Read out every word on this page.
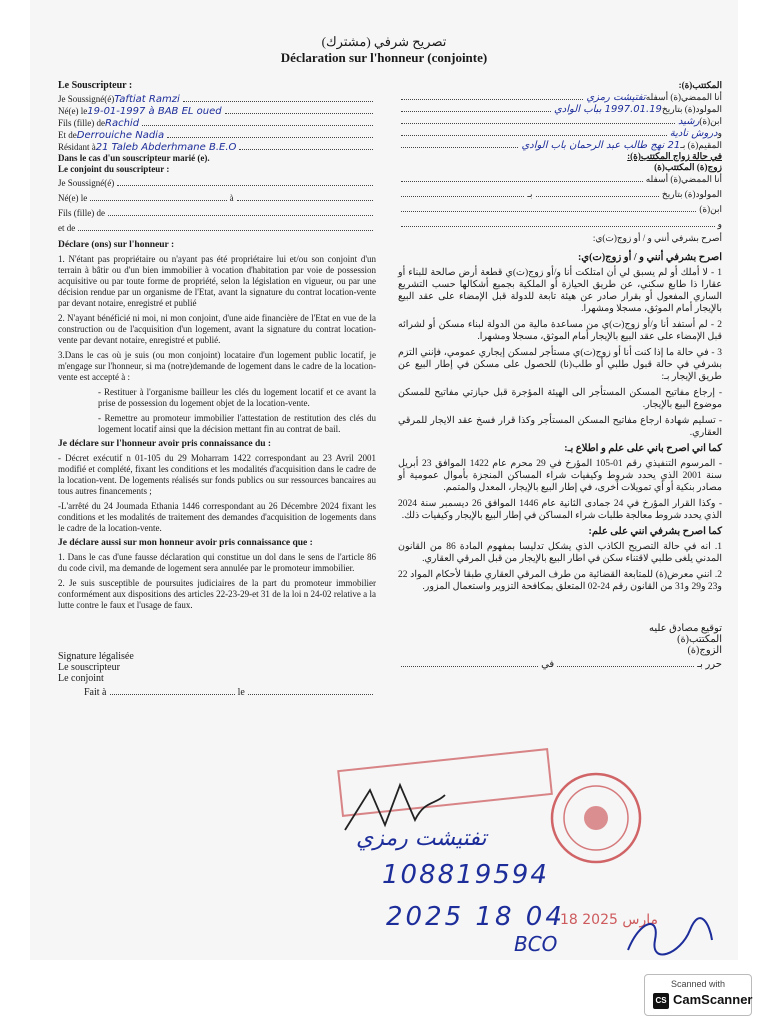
تصريح شرفي (مشترك)
Déclaration sur l'honneur (conjointe)
Le Souscripteur :
Je Soussigné(é) Taftiat Ramzi
Né(e) le 19-01-1997 à BAB EL oued
Fils (fille) de Rachid
Et de Derrouiche Nadia
Résidant à 21 Taleb Abderhmane B.E.O
Dans le cas d'un souscripteur marié (e).
Le conjoint du souscripteur :
Je Soussigné(é)
Né(e) le	à
Fils (fille) de
et de
Déclare (ons) sur l'honneur :

1. N'étant pas propriétaire ou n'ayant pas été propriétaire lui et/ou son conjoint d'un terrain à bâtir ou d'un bien immobilier à vocation d'habitation par voie de possession acquisitive ou par toute forme de propriété, selon la législation en vigueur, ou par une décision rendue par un organisme de l'Etat, avant la signature du contrat location-vente par devant notaire, enregistré et publié

2. N'ayant bénéficié ni moi, ni mon conjoint, d'une aide financière de l'Etat en vue de la construction ou de l'acquisition d'un logement, avant la signature du contrat location-vente par devant notaire, enregistré et publié.

3.Dans le cas où je suis (ou mon conjoint) locataire d'un logement public locatif, je m'engage sur l'honneur, si ma (notre)demande de logement dans le cadre de la location-vente est accepté à :

- Restituer à l'organisme bailleur les clés du logement locatif et ce avant la prise de possession du logement objet de la location-vente.

- Remettre au promoteur immobilier l'attestation de restitution des clés du logement locatif ainsi que la décision mettant fin au contrat de bail.

Je déclare sur l'honneur avoir pris connaissance du :

- Décret exécutif n 01-105 du 29 Moharram 1422 correspondant au 23 Avril 2001 modifié et complété, fixant les conditions et les modalités d'acquisition dans le cadre de la location-vent. De logements réalisés sur fonds publics ou sur ressources bancaires au tous autres financements ;

-L'arrêté du 24 Joumada Ethania 1446 correspondant au 26 Décembre 2024 fixant les conditions et les modalités de traitement des demandes d'acquisition de logements dans le cadre de la location-vente.

Je déclare aussi sur mon honneur avoir pris connaissance que :

1. Dans le cas d'une fausse déclaration qui constitue un dol dans le sens de l'article 86 du code civil, ma demande de logement sera annulée par le promoteur immobilier.

2. Je suis susceptible de poursuites judiciaires de la part du promoteur immobilier conformément aux dispositions des articles 22-23-29-et 31 de la loi n 24-02 relative a la lutte contre le faux et l'usage de faux.

Signature légalisée
Le souscripteur
Le conjoint
Fait à	le
المكتتب(ة):
أنا الممضي(ة) أسفله
تفتيشت رمزي
المولود(ة) بتاريخ
1997.01.19 بباب الوادي
ابن(ة)
رشيد
و
دروش نادية
المقيم(ة) بـ
21 نهج طالب عبد الرحمان باب الوادي
في حالة زواج المكتتب(ة):
زوج(ة) المكتتب(ة)
أنا الممضي(ة) أسفله
المولود(ة) بتاريخ
بـ
ابن(ة)
و
أصرح بشرفي أنني و / أو زوج(ت)ي:
اصرح بشرفي أنني و / أو زوج(ت)ي:

1 - لا أملك أو لم يسبق لي أن امتلكت أنا و/أو زوج(ت)ي قطعة أرض صالحة للبناء أو عقارا ذا طابع سكني، عن طريق الحيازة أو الملكية بجميع أشكالها حسب التشريع الساري المفعول أو بقرار صادر عن هيئة تابعة للدولة قبل الإمضاء على عقد البيع بالإيجار أمام الموثق، مسجلا ومشهرا.

2 - لم أستفد أنا و/أو زوج(ت)ي من مساعدة مالية من الدولة لبناء مسكن أو لشرائه قبل الإمضاء على عقد البيع بالإيجار أمام الموثق، مسجلا ومشهرا.

3 - في حالة ما إذا كنت أنا أو زوج(ت)ي مستأجر لمسكن إيجاري عمومي، فإنني التزم بشرفي في حالة قبول طلبي أو طلب(نا) للحصول على مسكن في إطار البيع عن طريق الإيجار بـ:

- إرجاع مفاتيح المسكن المستأجر الى الهيئة المؤجرة قبل حيازتي مفاتيح للمسكن موضوع البيع بالإيجار.

- تسليم شهادة ارجاع مفاتيح المسكن المستأجر وكذا قرار فسخ عقد الايجار للمرقي العقاري.

كما اني اصرح باني على علم و اطلاع بـ:

- المرسوم التنفيذي رقم 01-105 المؤرخ في 29 محرم عام 1422 الموافق 23 أبريل سنة 2001 الذي يحدد شروط وكيفيات شراء المساكن المنجزة بأموال عمومية أو مصادر بنكية أو أي تمويلات أخرى، في إطار البيع بالإيجار، المعدل والمتمم.

- وكذا القرار المؤرخ في 24 جمادى الثانية عام 1446 الموافق 26 ديسمبر سنة 2024 الذي يحدد شروط معالجة طلبات شراء المساكن في إطار البيع بالإيجار وكيفيات ذلك.

كما اصرح بشرفي انني على علم:

1. انه في حالة التصريح الكاذب الذي يشكل تدليسا بمفهوم المادة 86 من القانون المدني يلغى طلبي لاقتناء سكن في اطار البيع بالإيجار من قبل المرقي العقاري.

2. انني معرض(ة) للمتابعة القضائية من طرف المرقي العقاري طبقا لأحكام المواد 22 و23 و29 و31 من القانون رقم 24-02 المتعلق بمكافحة التزوير واستعمال المزور.

توقيع مصادق عليه
المكتتب(ة)
الزوج(ة)
حرر بـ
في
تفتيشت رمزي
108819594
2025 18 04
BCO
18 مارس 2025
Scanned with
CS CamScanner
